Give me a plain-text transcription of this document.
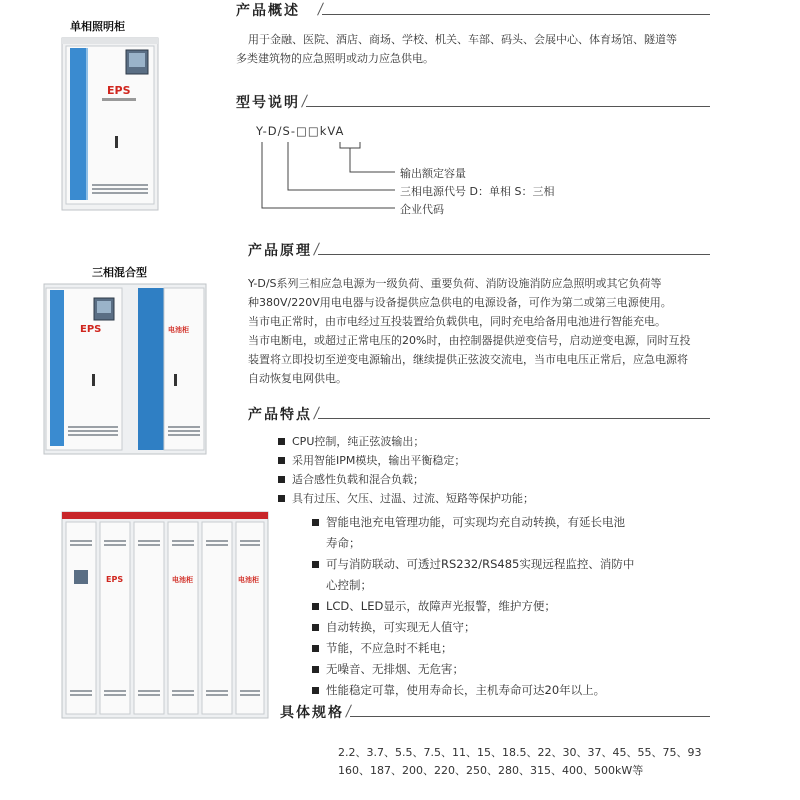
单相照明柜
EPS
三相混合型
EPS	电池柜
EPS	电池柜	电池柜
产品概述
用于金融、医院、酒店、商场、学校、机关、车部、码头、会展中心、体育场馆、隧道等
多类建筑物的应急照明或动力应急供电。
型号说明
Y-D/S-□□kVA
输出额定容量
三相电源代号 D：单相 S：三相
企业代码
产品原理
Y-D/S系列三相应急电源为一级负荷、重要负荷、消防设施消防应急照明或其它负荷等
种380V/220V用电电器与设备提供应急供电的电源设备，可作为第二或第三电源使用。
当市电正常时，由市电经过互投装置给负载供电，同时充电给备用电池进行智能充电。
当市电断电，或超过正常电压的20%时，由控制器提供逆变信号，启动逆变电源，同时互投
装置将立即投切至逆变电源输出，继续提供正弦波交流电，当市电电压正常后，应急电源将
自动恢复电网供电。
产品特点
CPU控制，纯正弦波输出；
采用智能IPM模块，输出平衡稳定；
适合感性负载和混合负载；
具有过压、欠压、过温、过流、短路等保护功能；
智能电池充电管理功能，可实现均充自动转换，有延长电池
寿命；
可与消防联动、可透过RS232/RS485实现远程监控、消防中
心控制；
LCD、LED显示，故障声光报警，维护方便；
自动转换，可实现无人值守；
节能，不应急时不耗电；
无噪音、无排烟、无危害；
性能稳定可靠，使用寿命长，主机寿命可达20年以上。
具体规格
2.2、3.7、5.5、7.5、11、15、18.5、22、30、37、45、55、75、93
160、187、200、220、250、280、315、400、500kW等
